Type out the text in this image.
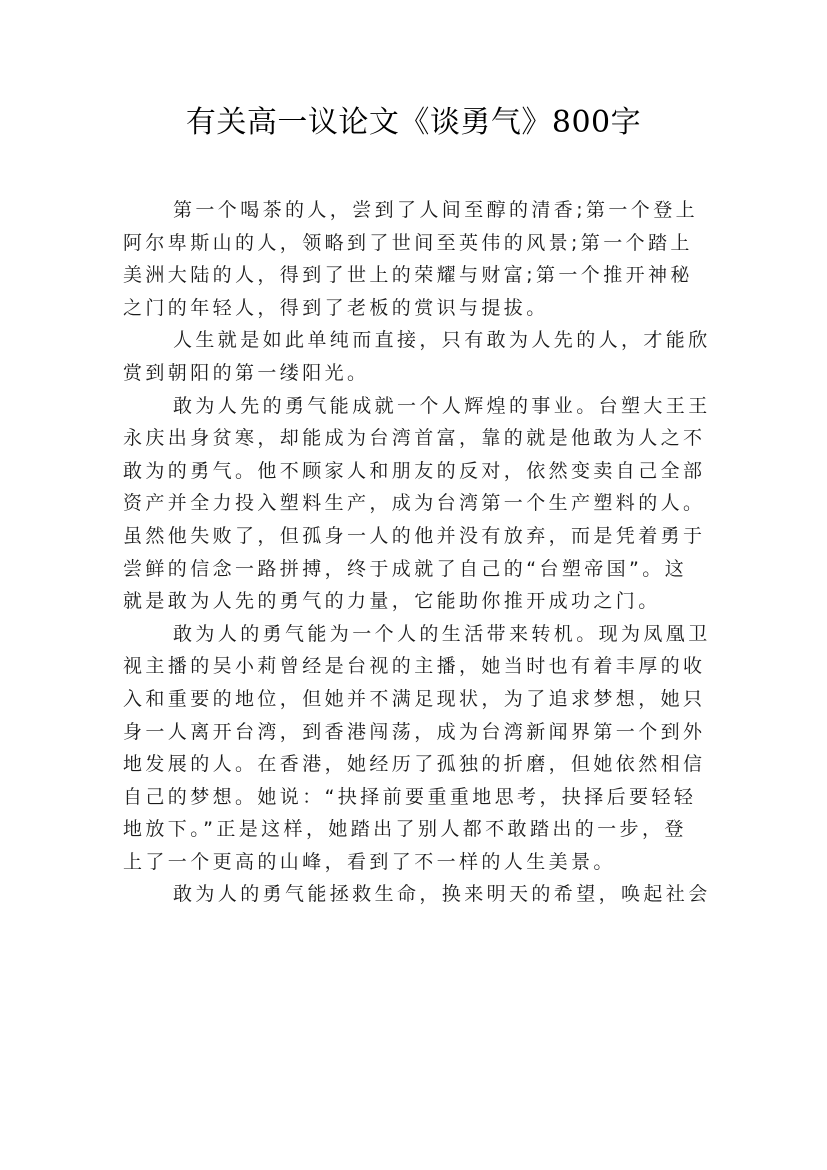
有关高一议论文《谈勇气》800字
第一个喝茶的人，尝到了人间至醇的清香;第一个登上
阿尔卑斯山的人，领略到了世间至英伟的风景;第一个踏上
美洲大陆的人，得到了世上的荣耀与财富;第一个推开神秘
之门的年轻人，得到了老板的赏识与提拔。
人生就是如此单纯而直接，只有敢为人先的人，才能欣
赏到朝阳的第一缕阳光。
敢为人先的勇气能成就一个人辉煌的事业。台塑大王王
永庆出身贫寒，却能成为台湾首富，靠的就是他敢为人之不
敢为的勇气。他不顾家人和朋友的反对，依然变卖自己全部
资产并全力投入塑料生产，成为台湾第一个生产塑料的人。
虽然他失败了，但孤身一人的他并没有放弃，而是凭着勇于
尝鲜的信念一路拼搏，终于成就了自己的“台塑帝国”。这
就是敢为人先的勇气的力量，它能助你推开成功之门。
敢为人的勇气能为一个人的生活带来转机。现为凤凰卫
视主播的吴小莉曾经是台视的主播，她当时也有着丰厚的收
入和重要的地位，但她并不满足现状，为了追求梦想，她只
身一人离开台湾，到香港闯荡，成为台湾新闻界第一个到外
地发展的人。在香港，她经历了孤独的折磨，但她依然相信
自己的梦想。她说：“抉择前要重重地思考，抉择后要轻轻
地放下。”正是这样，她踏出了别人都不敢踏出的一步，登
上了一个更高的山峰，看到了不一样的人生美景。
敢为人的勇气能拯救生命，换来明天的希望，唤起社会
